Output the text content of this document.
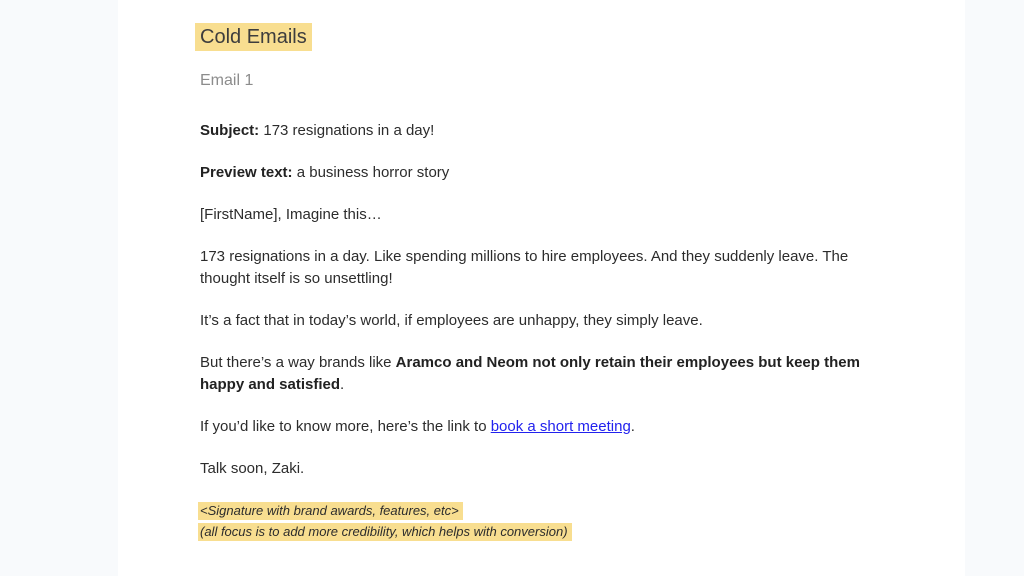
Cold Emails
Email 1

Subject: 173 resignations in a day!

Preview text: a business horror story

[FirstName], Imagine this…

173 resignations in a day. Like spending millions to hire employees. And they suddenly leave. The thought itself is so unsettling!

It’s a fact that in today’s world, if employees are unhappy, they simply leave.

But there’s a way brands like Aramco and Neom not only retain their employees but keep them happy and satisfied.

If you’d like to know more, here’s the link to book a short meeting.

Talk soon, Zaki.

<Signature with brand awards, features, etc>
(all focus is to add more credibility, which helps with conversion)
